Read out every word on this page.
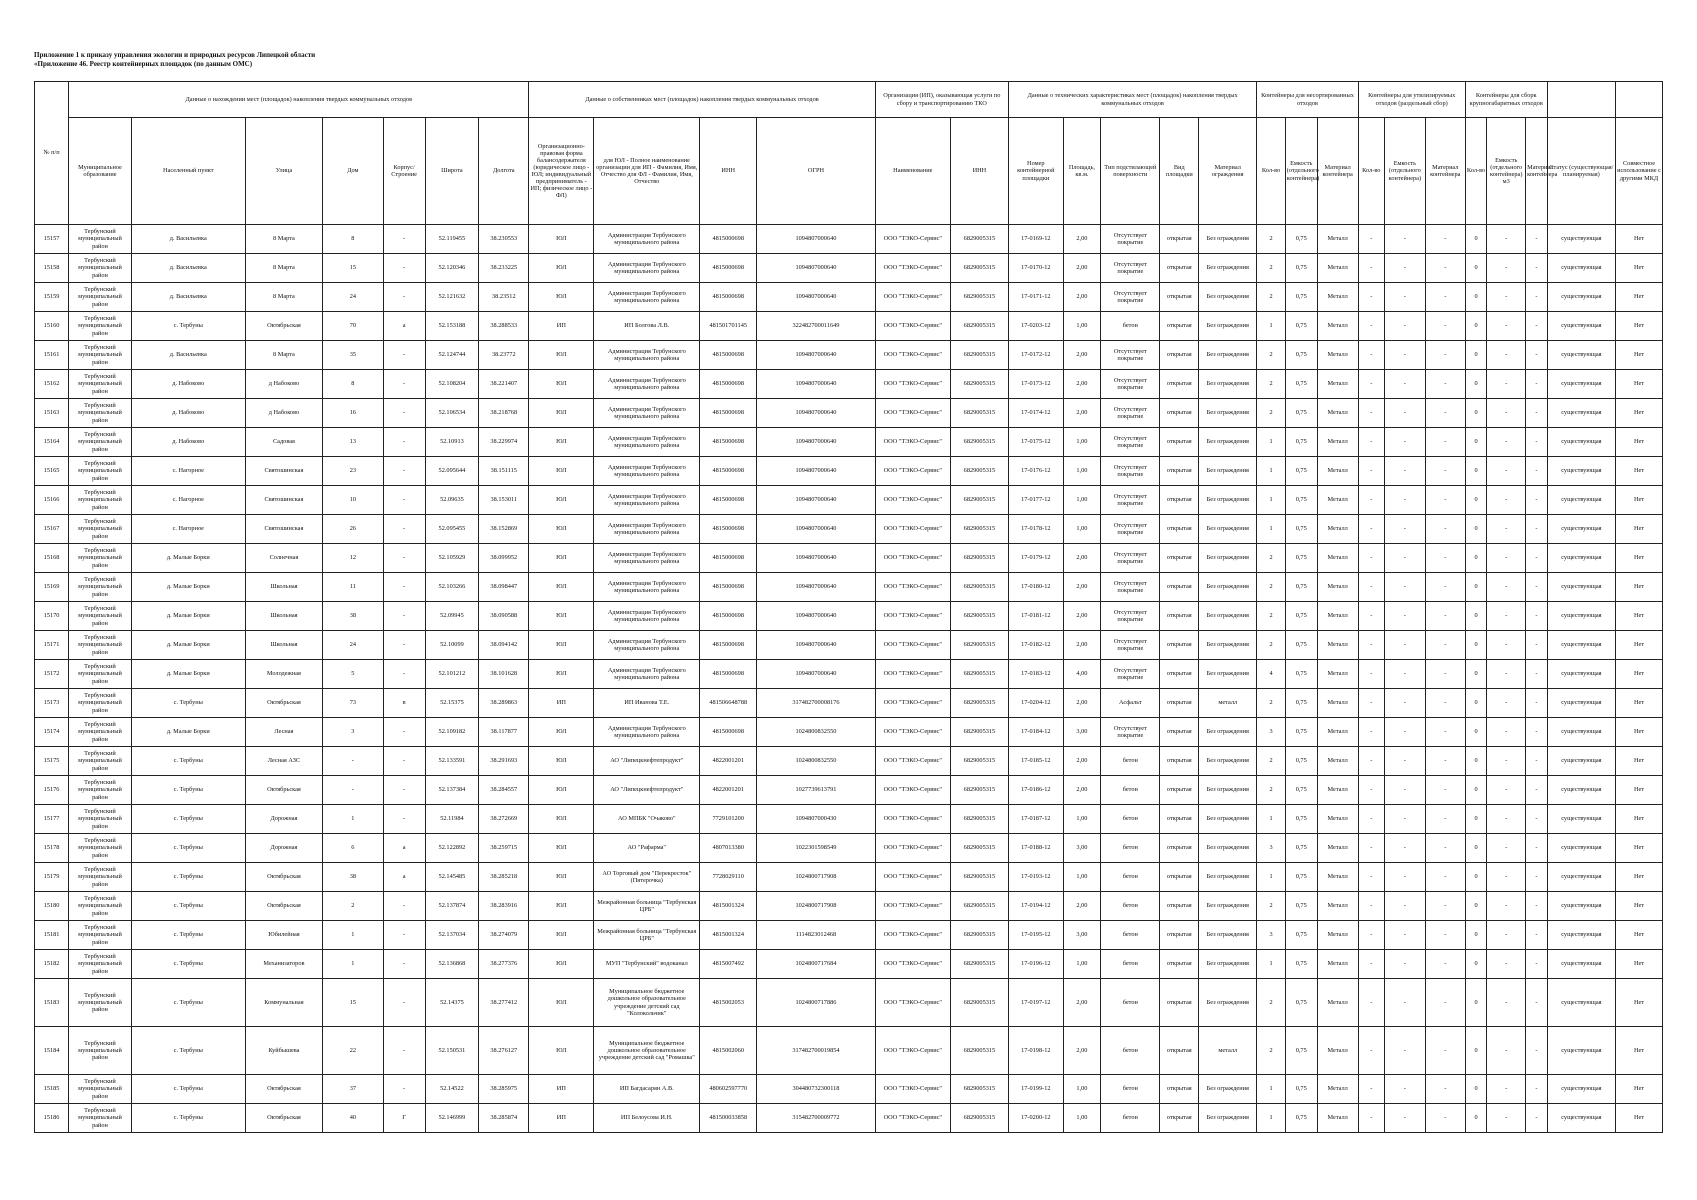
Приложение 1 к приказу управления экологии и природных ресурсов Липецкой области
«Приложение 46. Реестр контейнерных площадок (по данным ОМС)
№ п/п	Данные о нахождении мест (площадок) накопления твердых коммунальных отходов							Данные о собственниках мест (площадок) накопления твердых коммунальных отходов				Организация (ИП), оказывающая услуги по сбору и транспортированию ТКО		Данные о технических характеристиках мест (площадок) накопления твердых коммунальных отходов					Контейнеры для несортированных отходов			Контейнеры для утилизируемых отходов (раздельный сбор)			Контейнеры для сборк крупногабаритных отходов				
	Муниципальное образование	Населенный пункт	Улица	Дом	Корпус/Строение	Широта	Долгота	Организационно-правовая форма балансодержателя (юридическое лицо - ЮЛ; индивидуальный предприниматель - ИП; физическое лицо - ФЛ)	для ЮЛ - Полное наименование организации для ИП - Фамилия, Имя, Отчество для ФЛ - Фамилия, Имя, Отчество	ИНН	ОГРН	Наименование	ИНН	Номер контейнерной площадки	Площадь, кв.м.	Тип подстилающей поверхности	Вид площадки	Материал ограждения	Кол-во	Емкость (отдельного контейнера)	Материал контейнера	Кол-во	Емкость (отдельного контейнера)	Материал контейнера	Кол-во	Емкость (отдельного контейнера) м3	Материал контейнера	Статус (существующая/планируемая)	Совместное использование с другими МКД
15157	Тербунский муниципальный район	д. Васильевка	8 Марта	8	-	52.119455	38.230553	ЮЛ	Администрация Тербунского муниципального района	4815000698	1094807000640	ООО "ТЭКО-Сервис"	6829005315	17-0169-12	2,00	Отсутствует покрытие	открытая	Без ограждения	2	0,75	Металл	-	-	-	0	-	-	существующая	Нет
15158	Тербунский муниципальный район	д. Васильевка	8 Марта	15	-	52.120346	38.233225	ЮЛ	Администрация Тербунского муниципального района	4815000698	1094807000640	ООО "ТЭКО-Сервис"	6829005315	17-0170-12	2,00	Отсутствует покрытие	открытая	Без ограждения	2	0,75	Металл	-	-	-	0	-	-	существующая	Нет
15159	Тербунский муниципальный район	д. Васильевка	8 Марта	24	-	52.121632	38.23512	ЮЛ	Администрация Тербунского муниципального района	4815000698	1094807000640	ООО "ТЭКО-Сервис"	6829005315	17-0171-12	2,00	Отсутствует покрытие	открытая	Без ограждения	2	0,75	Металл	-	-	-	0	-	-	существующая	Нет
15160	Тербунский муниципальный район	с. Тербуны	Октябрьская	70	а	52.153188	38.288533	ИП	ИП Болгова Л.В.	481501701145	322482700011649	ООО "ТЭКО-Сервис"	6829005315	17-0203-12	1,00	бетон	открытая	Без ограждения	1	0,75	Металл	-	-	-	0	-	-	существующая	Нет
15161	Тербунский муниципальный район	д. Васильевка	8 Марта	35	-	52.124744	38.23772	ЮЛ	Администрация Тербунского муниципального района	4815000698	1094807000640	ООО "ТЭКО-Сервис"	6829005315	17-0172-12	2,00	Отсутствует покрытие	открытая	Без ограждения	2	0,75	Металл	-	-	-	0	-	-	существующая	Нет
15162	Тербунский муниципальный район	д. Набоково	д Набоково	8	-	52.108204	38.221407	ЮЛ	Администрация Тербунского муниципального района	4815000698	1094807000640	ООО "ТЭКО-Сервис"	6829005315	17-0173-12	2,00	Отсутствует покрытие	открытая	Без ограждения	2	0,75	Металл	-	-	-	0	-	-	существующая	Нет
15163	Тербунский муниципальный район	д. Набоково	д Набоково	16	-	52.106534	38.218768	ЮЛ	Администрация Тербунского муниципального района	4815000698	1094807000640	ООО "ТЭКО-Сервис"	6829005315	17-0174-12	2,00	Отсутствует покрытие	открытая	Без ограждения	2	0,75	Металл	-	-	-	0	-	-	существующая	Нет
15164	Тербунский муниципальный район	д. Набоково	Садовая	13	-	52.10913	38.229974	ЮЛ	Администрация Тербунского муниципального района	4815000698	1094807000640	ООО "ТЭКО-Сервис"	6829005315	17-0175-12	1,00	Отсутствует покрытие	открытая	Без ограждения	1	0,75	Металл	-	-	-	0	-	-	существующая	Нет
15165	Тербунский муниципальный район	с. Нагорное	Святошинская	23	-	52.095644	38.151115	ЮЛ	Администрация Тербунского муниципального района	4815000698	1094807000640	ООО "ТЭКО-Сервис"	6829005315	17-0176-12	1,00	Отсутствует покрытие	открытая	Без ограждения	1	0,75	Металл	-	-	-	0	-	-	существующая	Нет
15166	Тербунский муниципальный район	с. Нагорное	Святошинская	10	-	52.09635	38.153011	ЮЛ	Администрация Тербунского муниципального района	4815000698	1094807000640	ООО "ТЭКО-Сервис"	6829005315	17-0177-12	1,00	Отсутствует покрытие	открытая	Без ограждения	1	0,75	Металл	-	-	-	0	-	-	существующая	Нет
15167	Тербунский муниципальный район	с. Нагорное	Святошинская	26	-	52.095455	38.152869	ЮЛ	Администрация Тербунского муниципального района	4815000698	1094807000640	ООО "ТЭКО-Сервис"	6829005315	17-0178-12	1,00	Отсутствует покрытие	открытая	Без ограждения	1	0,75	Металл	-	-	-	0	-	-	существующая	Нет
15168	Тербунский муниципальный район	д. Малые Борки	Солнечная	12	-	52.105929	38.099952	ЮЛ	Администрация Тербунского муниципального района	4815000698	1094807000640	ООО "ТЭКО-Сервис"	6829005315	17-0179-12	2,00	Отсутствует покрытие	открытая	Без ограждения	2	0,75	Металл	-	-	-	0	-	-	существующая	Нет
15169	Тербунский муниципальный район	д. Малые Борки	Школьная	11	-	52.103266	38.098447	ЮЛ	Администрация Тербунского муниципального района	4815000698	1094807000640	ООО "ТЭКО-Сервис"	6829005315	17-0180-12	2,00	Отсутствует покрытие	открытая	Без ограждения	2	0,75	Металл	-	-	-	0	-	-	существующая	Нет
15170	Тербунский муниципальный район	д. Малые Борки	Школьная	38	-	52.09945	38.090588	ЮЛ	Администрация Тербунского муниципального района	4815000698	1094807000640	ООО "ТЭКО-Сервис"	6829005315	17-0181-12	2,00	Отсутствует покрытие	открытая	Без ограждения	2	0,75	Металл	-	-	-	0	-	-	существующая	Нет
15171	Тербунский муниципальный район	д. Малые Борки	Школьная	24	-	52.10099	38.094142	ЮЛ	Администрация Тербунского муниципального района	4815000698	1094807000640	ООО "ТЭКО-Сервис"	6829005315	17-0182-12	2,00	Отсутствует покрытие	открытая	Без ограждения	2	0,75	Металл	-	-	-	0	-	-	существующая	Нет
15172	Тербунский муниципальный район	д. Малые Борки	Молодежная	5	-	52.101212	38.101628	ЮЛ	Администрация Тербунского муниципального района	4815000698	1094807000640	ООО "ТЭКО-Сервис"	6829005315	17-0183-12	4,00	Отсутствует покрытие	открытая	Без ограждения	4	0,75	Металл	-	-	-	0	-	-	существующая	Нет
15173	Тербунский муниципальный район	с. Тербуны	Октябрьская	73	в	52.15375	38.289863	ИП	ИП Иванова Т.Е.	481506648788	317482700008176	ООО "ТЭКО-Сервис"	6829005315	17-0204-12	2,00	Асфальт	открытая	металл	2	0,75	Металл	-	-	-	0	-	-	существующая	Нет
15174	Тербунский муниципальный район	д. Малые Борки	Лесная	3	-	52.109182	38.117877	ЮЛ	Администрация Тербунского муниципального района	4815000698	1024800832550	ООО "ТЭКО-Сервис"	6829005315	17-0184-12	3,00	Отсутствует покрытие	открытая	Без ограждения	3	0,75	Металл	-	-	-	0	-	-	существующая	Нет
15175	Тербунский муниципальный район	с. Тербуны	Лесная АЗС	-	-	52.133591	38.291693	ЮЛ	АО "Липецкнефтепродукт"	4822001201	1024800832550	ООО "ТЭКО-Сервис"	6829005315	17-0185-12	2,00	бетон	открытая	Без ограждения	2	0,75	Металл	-	-	-	0	-	-	существующая	Нет
15176	Тербунский муниципальный район	с. Тербуны	Октябрьская	-	-	52.137384	38.284557	ЮЛ	АО "Липецкнефтепродукт"	4822001201	1027739613791	ООО "ТЭКО-Сервис"	6829005315	17-0186-12	2,00	бетон	открытая	Без ограждения	2	0,75	Металл	-	-	-	0	-	-	существующая	Нет
15177	Тербунский муниципальный район	с. Тербуны	Дорожная	1	-	52.11984	38.272669	ЮЛ	АО МПБК "Очаково"	7729101200	1094807000430	ООО "ТЭКО-Сервис"	6829005315	17-0187-12	1,00	бетон	открытая	Без ограждения	1	0,75	Металл	-	-	-	0	-	-	существующая	Нет
15178	Тербунский муниципальный район	с. Тербуны	Дорожная	6	а	52.122892	38.259715	ЮЛ	АО "Рафарма"	4807013380	1022301598549	ООО "ТЭКО-Сервис"	6829005315	17-0188-12	3,00	бетон	открытая	Без ограждения	3	0,75	Металл	-	-	-	0	-	-	существующая	Нет
15179	Тербунский муниципальный район	с. Тербуны	Октябрьская	38	а	52.145485	38.285218	ЮЛ	АО Торговый дом "Перекресток"(Пятерочка)	7728029110	1024800717908	ООО "ТЭКО-Сервис"	6829005315	17-0193-12	1,00	бетон	открытая	Без ограждения	1	0,75	Металл	-	-	-	0	-	-	существующая	Нет
15180	Тербунский муниципальный район	с. Тербуны	Октябрьская	2	-	52.137874	38.283916	ЮЛ	Межрайонная больница "Тербунская ЦРБ"	4815001324	1024800717908	ООО "ТЭКО-Сервис"	6829005315	17-0194-12	2,00	бетон	открытая	Без ограждения	2	0,75	Металл	-	-	-	0	-	-	существующая	Нет
15181	Тербунский муниципальный район	с. Тербуны	Юбилейная	1	-	52.137034	38.274079	ЮЛ	Межрайонная больница "Тербунская ЦРБ"	4815001324	1114823012468	ООО "ТЭКО-Сервис"	6829005315	17-0195-12	3,00	бетон	открытая	Без ограждения	3	0,75	Металл	-	-	-	0	-	-	существующая	Нет
15182	Тербунский муниципальный район	с. Тербуны	Механизаторов	1	-	52.136868	38.277376	ЮЛ	МУП "Тербунский" водоканал	4815007492	1024800717684	ООО "ТЭКО-Сервис"	6829005315	17-0196-12	1,00	бетон	открытая	Без ограждения	1	0,75	Металл	-	-	-	0	-	-	существующая	Нет
15183	Тербунский муниципальный район	с. Тербуны	Коммунальная	15	-	52.14375	38.277412	ЮЛ	Муниципальное бюджетное дошкольное образовательное учреждение детский сад "Колокольчик"	4815002053	1024800717886	ООО "ТЭКО-Сервис"	6829005315	17-0197-12	2,00	бетон	открытая	Без ограждения	2	0,75	Металл	-	-	-	0	-	-	существующая	Нет
15184	Тербунский муниципальный район	с. Тербуны	Куйбышева	22	-	52.150531	38.276127	ЮЛ	Муниципальное бюджетное дошкольное образовательное учреждение детский сад "Ромашка"	4815002060	317482700019854	ООО "ТЭКО-Сервис"	6829005315	17-0198-12	2,00	бетон	открытая	металл	2	0,75	Металл	-	-	-	0	-	-	существующая	Нет
15185	Тербунский муниципальный район	с. Тербуны	Октябрьская	37	-	52.14522	38.285975	ИП	ИП Багдасарян А.В.	480602597770	304480732300118	ООО "ТЭКО-Сервис"	6829005315	17-0199-12	1,00	бетон	открытая	Без ограждения	1	0,75	Металл	-	-	-	0	-	-	существующая	Нет
15186	Тербунский муниципальный район	с. Тербуны	Октябрьская	40	Г	52.146999	38.285874	ИП	ИП Белоусова И.Н.	481500033858	315482700009772	ООО "ТЭКО-Сервис"	6829005315	17-0200-12	1,00	бетон	открытая	Без ограждения	1	0,75	Металл	-	-	-	0	-	-	существующая	Нет
